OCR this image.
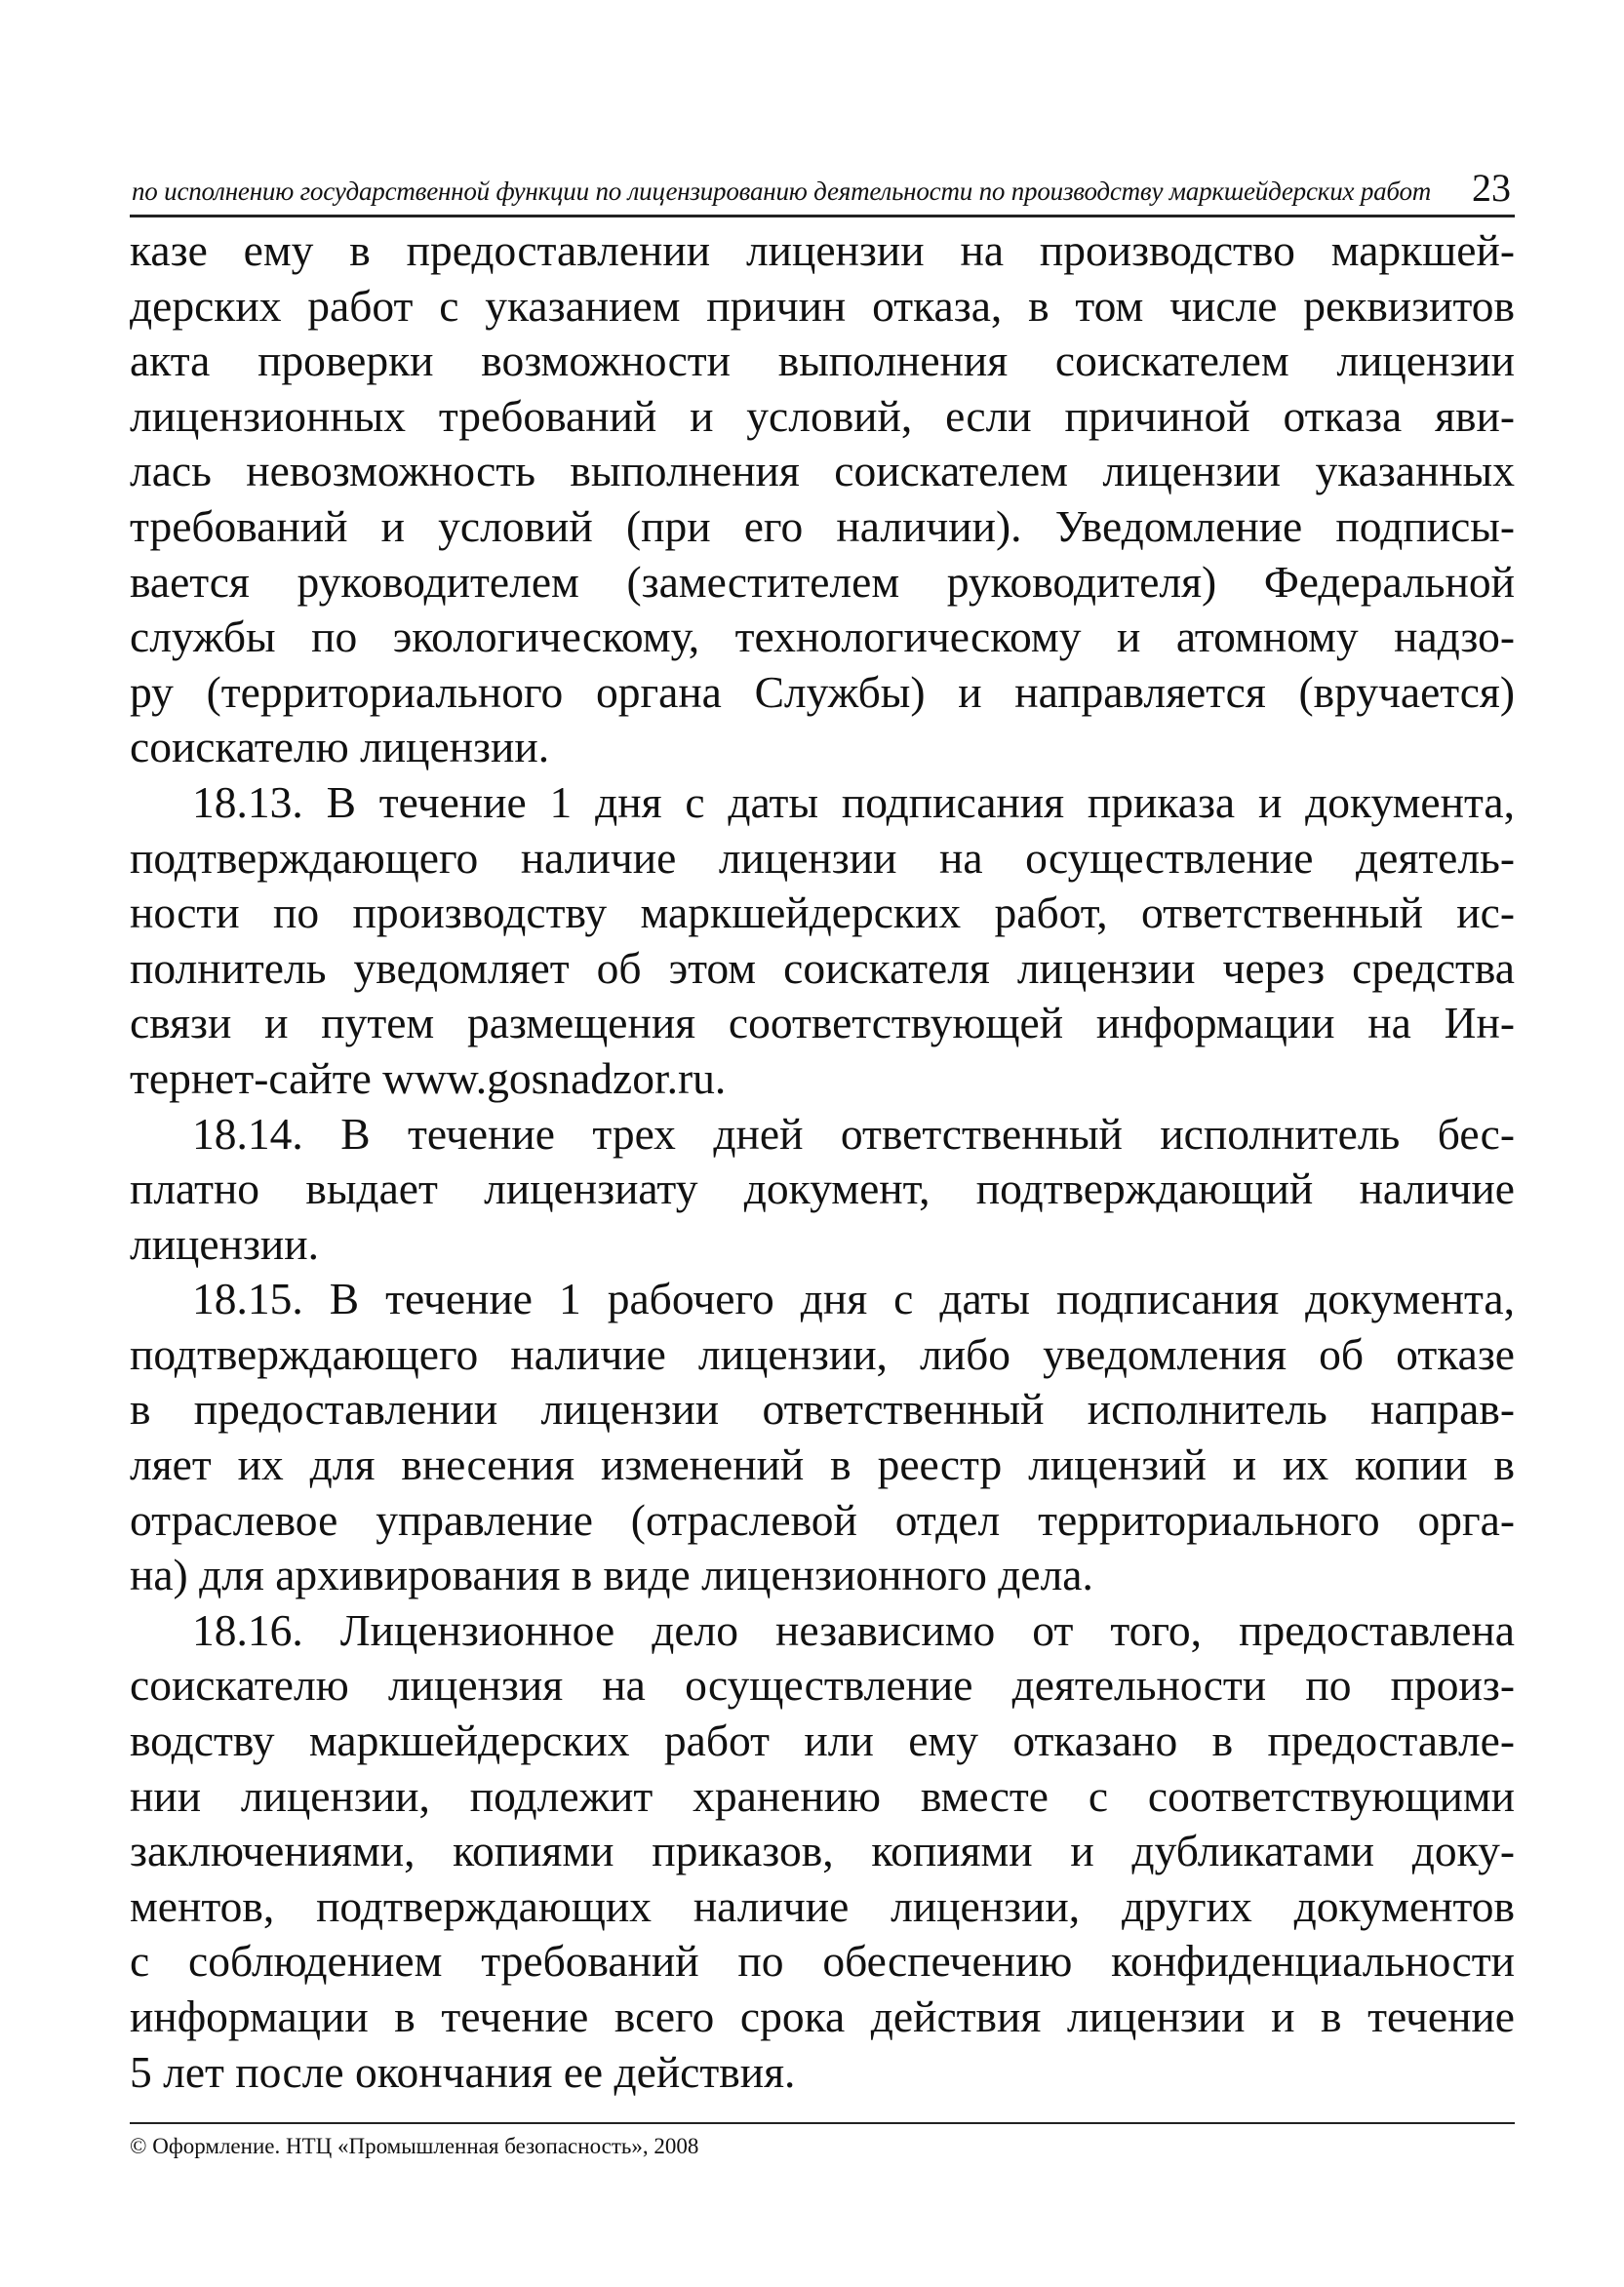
по исполнению государственной функции по лицензированию деятельности по производству маркшейдерских работ 23
казе ему в предоставлении лицензии на производство маркшей-
дерских работ с указанием причин отказа, в том числе реквизитов
акта проверки возможности выполнения соискателем лицензии
лицензионных требований и условий, если причиной отказа яви-
лась невозможность выполнения соискателем лицензии указанных
требований и условий (при его наличии). Уведомление подписы-
вается руководителем (заместителем руководителя) Федеральной
службы по экологическому, технологическому и атомному надзо-
ру (территориального органа Службы) и направляется (вручается)
соискателю лицензии.
18.13. В течение 1 дня с даты подписания приказа и документа,
подтверждающего наличие лицензии на осуществление деятель-
ности по производству маркшейдерских работ, ответственный ис-
полнитель уведомляет об этом соискателя лицензии через средства
связи и путем размещения соответствующей информации на Ин-
тернет-сайте www.gosnadzor.ru.
18.14. В течение трех дней ответственный исполнитель бес-
платно выдает лицензиату документ, подтверждающий наличие
лицензии.
18.15. В течение 1 рабочего дня с даты подписания документа,
подтверждающего наличие лицензии, либо уведомления об отказе
в предоставлении лицензии ответственный исполнитель направ-
ляет их для внесения изменений в реестр лицензий и их копии в
отраслевое управление (отраслевой отдел территориального орга-
на) для архивирования в виде лицензионного дела.
18.16. Лицензионное дело независимо от того, предоставлена
соискателю лицензия на осуществление деятельности по произ-
водству маркшейдерских работ или ему отказано в предоставле-
нии лицензии, подлежит хранению вместе с соответствующими
заключениями, копиями приказов, копиями и дубликатами доку-
ментов, подтверждающих наличие лицензии, других документов
с соблюдением требований по обеспечению конфиденциальности
информации в течение всего срока действия лицензии и в течение
5 лет после окончания ее действия.
© Оформление. НТЦ «Промышленная безопасность», 2008
